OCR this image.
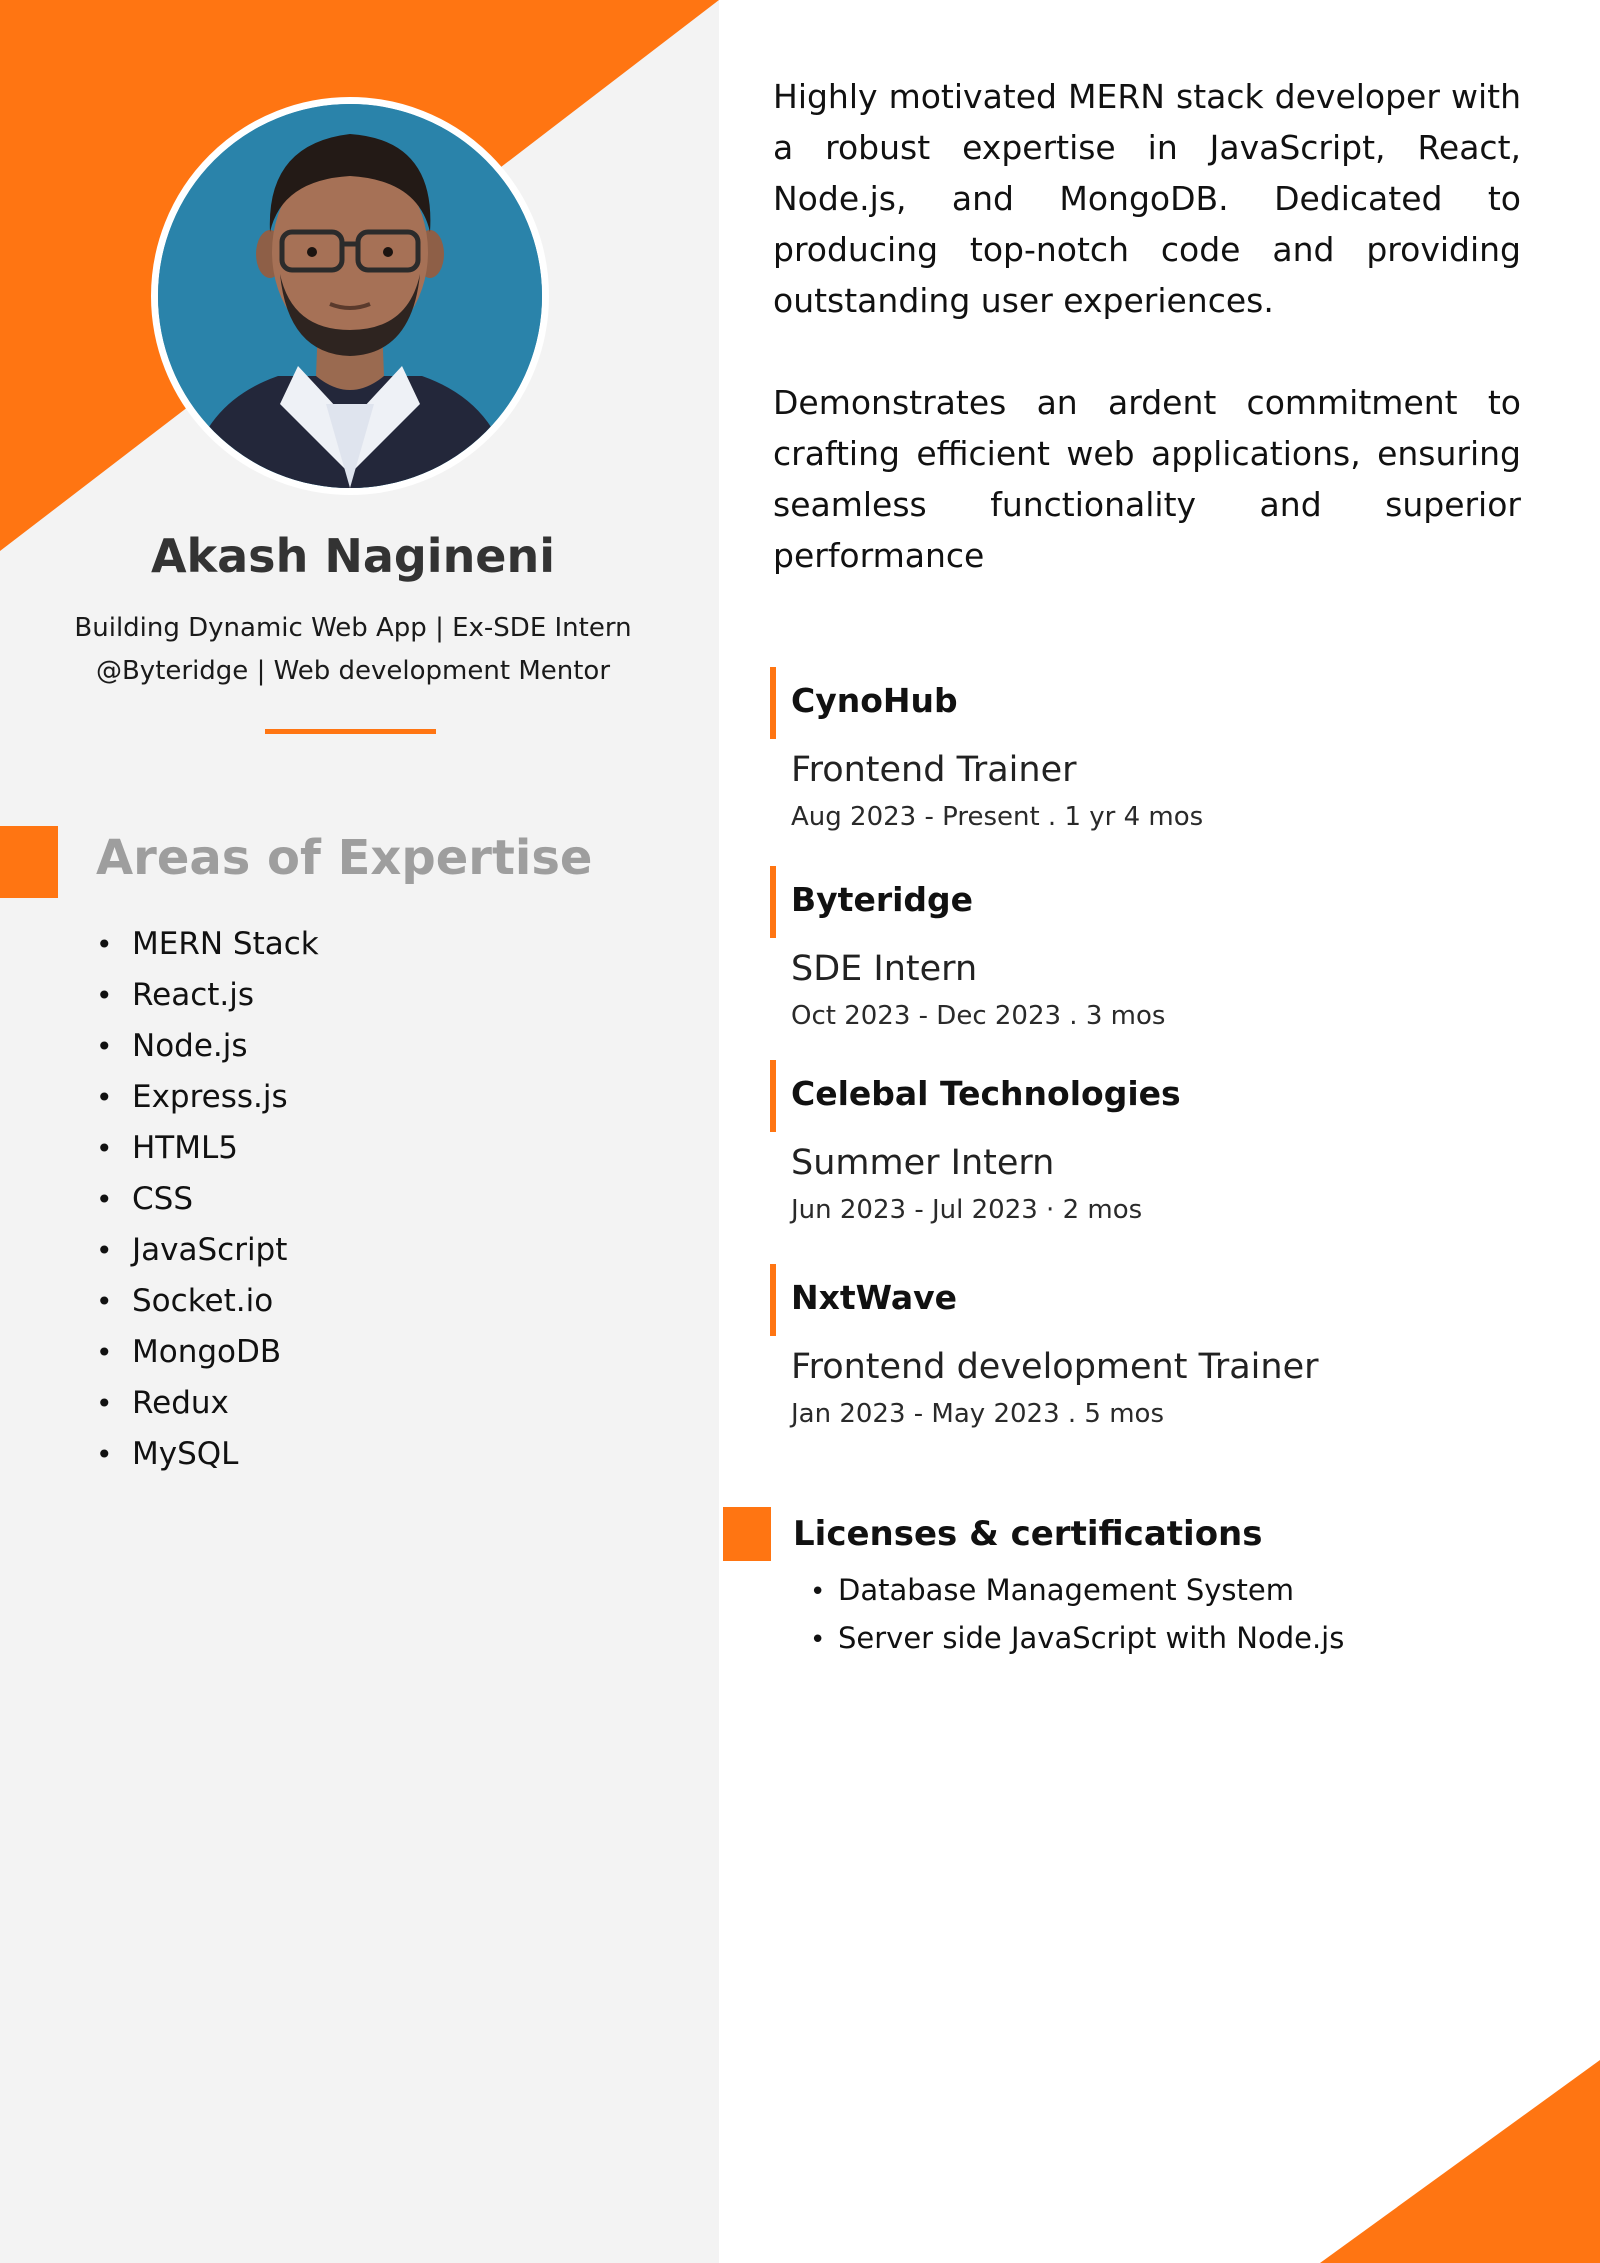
Akash Nagineni

Building Dynamic Web App | Ex-SDE Intern
@Byteridge | Web development Mentor

Areas of Expertise
• MERN Stack
• React.js
• Node.js
• Express.js
• HTML5
• CSS
• JavaScript
• Socket.io
• MongoDB
• Redux
• MySQL

Highly motivated MERN stack developer with a robust expertise in JavaScript, React, Node.js, and MongoDB. Dedicated to producing top-notch code and providing outstanding user experiences.

Demonstrates an ardent commitment to crafting efficient web applications, ensuring seamless functionality and superior performance

CynoHub

Frontend Trainer

Aug 2023 - Present . 1 yr 4 mos

Byteridge

SDE Intern

Oct 2023 - Dec 2023 . 3 mos

Celebal Technologies

Summer Intern

Jun 2023 - Jul 2023 · 2 mos

NxtWave

Frontend development Trainer

Jan 2023 - May 2023 . 5 mos

Licenses & certifications
• Database Management System
• Server side JavaScript with Node.js
